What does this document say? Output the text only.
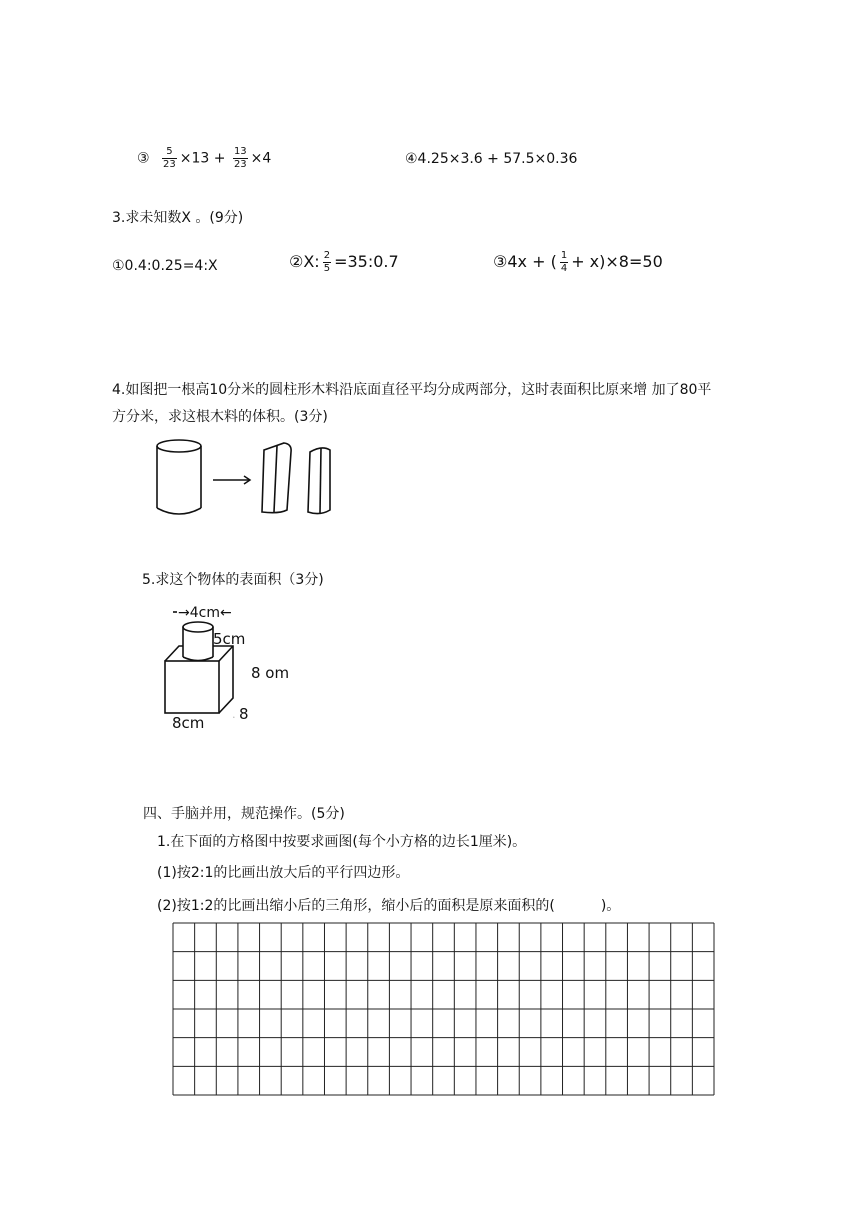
③ $\frac{5}{23} \times 13 + \frac{13}{23} \times 4$	④4.25×3.6 + 57.5×0.36
3.求未知数X 。(9分)
①0.4:0.25=4:X	②X: $\frac{2}{5}$ =35:0.7	③4x + ( $\frac{1}{4} + x)\times 8=50$
4.如图把一根高10分米的圆柱形木料沿底面直径平均分成两部分，这时表面积比原来增 加了80平
方分米，求这根木料的体积。(3分)
5.求这个物体的表面积（3分)
→4cm←
5cm
8 om
8cm	• 8
四、手脑并用，规范操作。(5分)
1.在下面的方格图中按要求画图(每个小方格的边长1厘米)。
(1)按2:1的比画出放大后的平行四边形。
(2)按1:2的比画出缩小后的三角形，缩小后的面积是原来面积的(	)。
